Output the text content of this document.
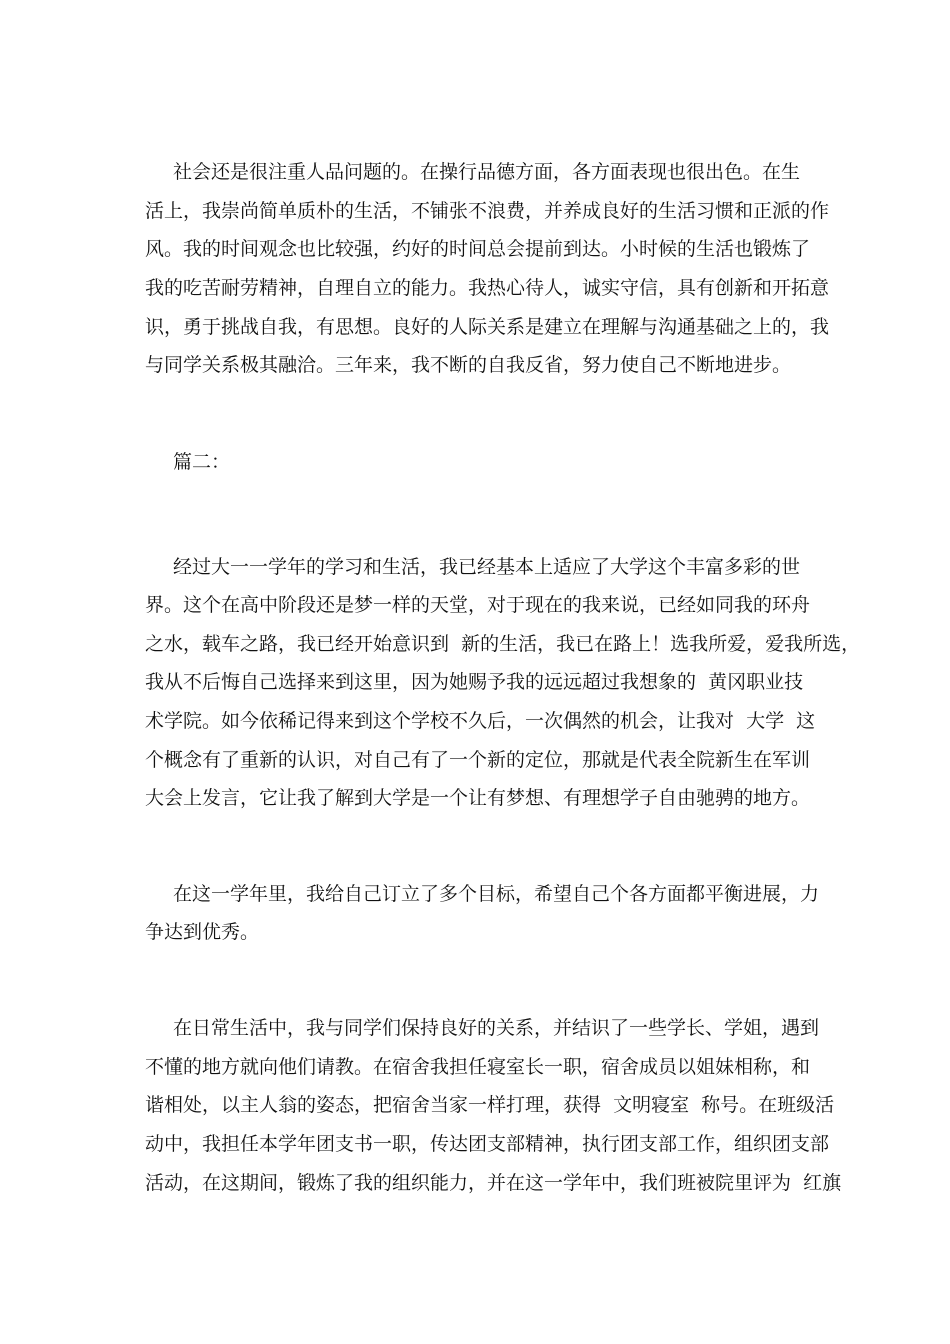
社会还是很注重人品问题的。在操行品德方面，各方面表现也很出色。在生
活上，我崇尚简单质朴的生活，不铺张不浪费，并养成良好的生活习惯和正派的作
风。我的时间观念也比较强，约好的时间总会提前到达。小时候的生活也锻炼了
我的吃苦耐劳精神，自理自立的能力。我热心待人，诚实守信，具有创新和开拓意
识，勇于挑战自我，有思想。良好的人际关系是建立在理解与沟通基础之上的，我
与同学关系极其融洽。三年来，我不断的自我反省，努力使自己不断地进步。
篇二：
经过大一一学年的学习和生活，我已经基本上适应了大学这个丰富多彩的世
界。这个在高中阶段还是梦一样的天堂，对于现在的我来说，已经如同我的环舟
之水，载车之路，我已经开始意识到  新的生活，我已在路上！选我所爱，爱我所选，
我从不后悔自己选择来到这里，因为她赐予我的远远超过我想象的  黄冈职业技
术学院。如今依稀记得来到这个学校不久后，一次偶然的机会，让我对  大学  这
个概念有了重新的认识，对自己有了一个新的定位，那就是代表全院新生在军训
大会上发言，它让我了解到大学是一个让有梦想、有理想学子自由驰骋的地方。
在这一学年里，我给自己订立了多个目标，希望自己个各方面都平衡进展，力
争达到优秀。
在日常生活中，我与同学们保持良好的关系，并结识了一些学长、学姐，遇到
不懂的地方就向他们请教。在宿舍我担任寝室长一职，宿舍成员以姐妹相称，和
谐相处，以主人翁的姿态，把宿舍当家一样打理，获得  文明寝室  称号。在班级活
动中，我担任本学年团支书一职，传达团支部精神，执行团支部工作，组织团支部
活动，在这期间，锻炼了我的组织能力，并在这一学年中，我们班被院里评为  红旗
